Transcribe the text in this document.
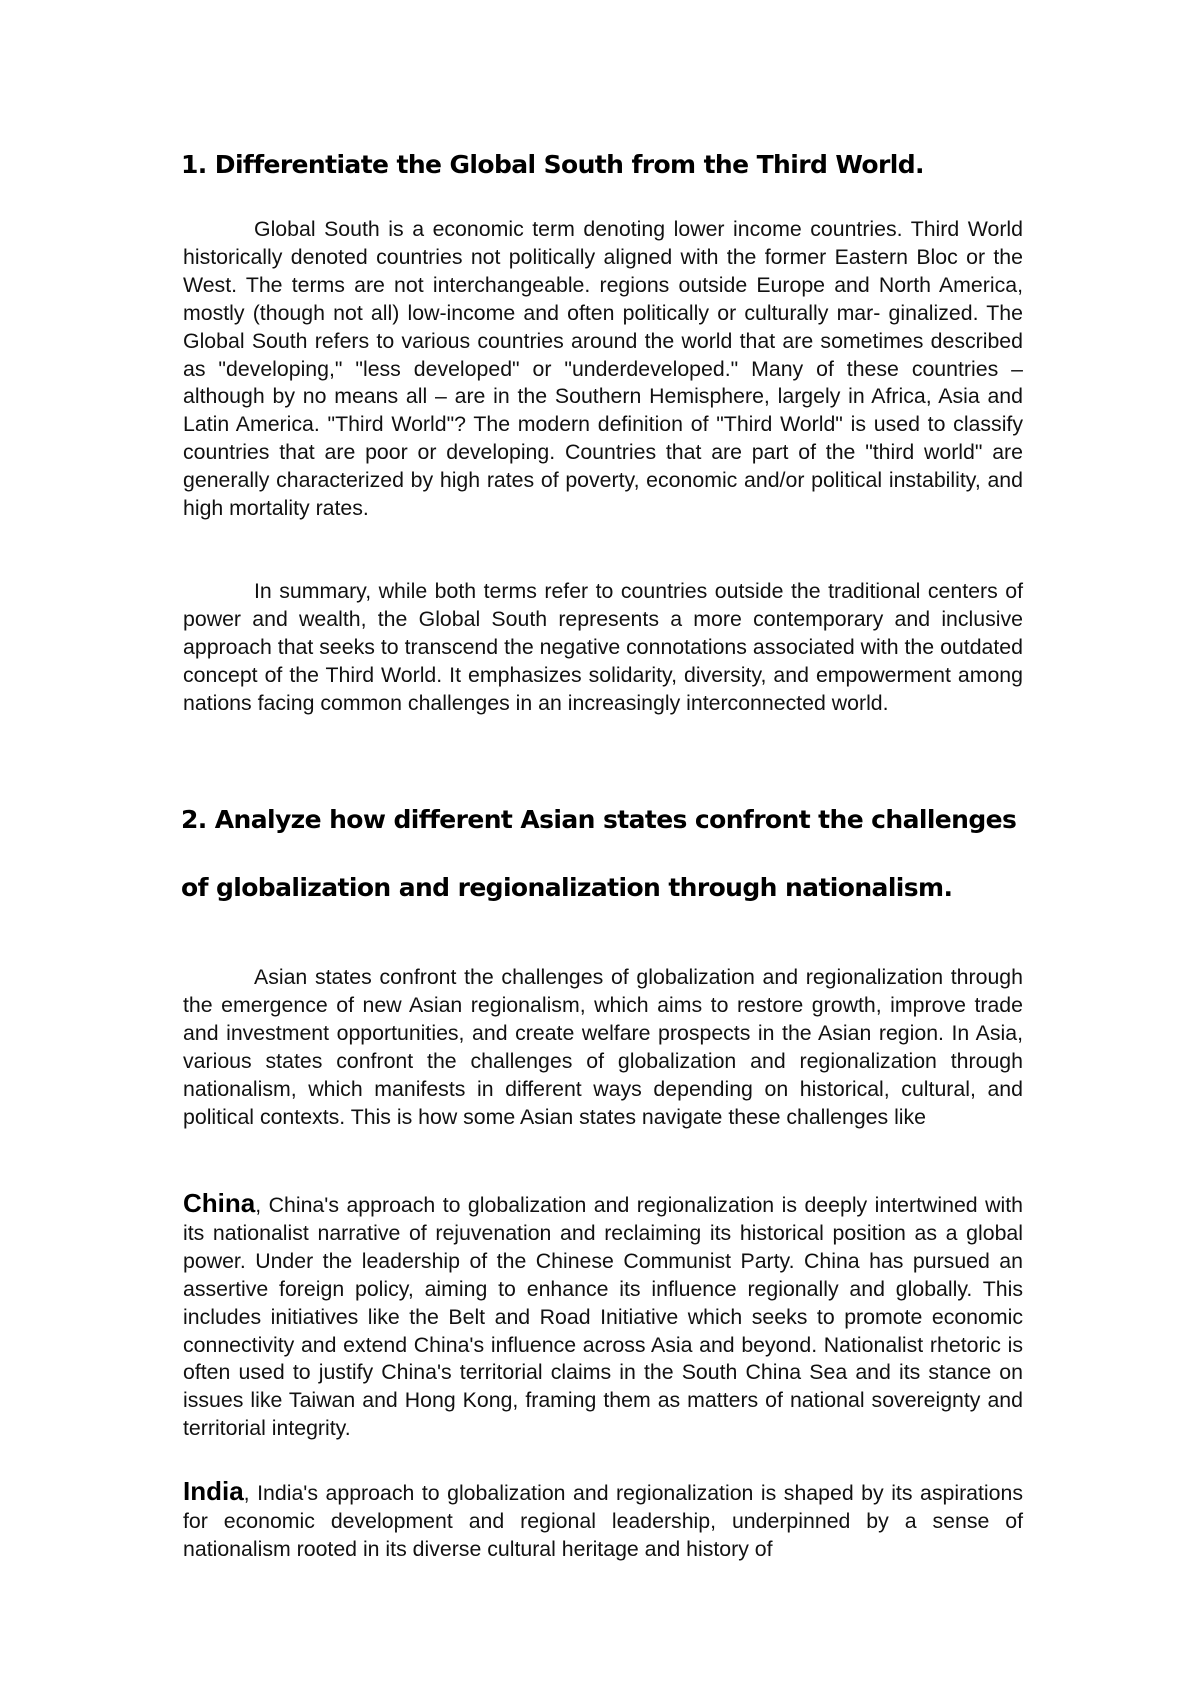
1. Differentiate the Global South from the Third World.

Global South is a economic term denoting lower income countries. Third World historically denoted countries not politically aligned with the former Eastern Bloc or the West. The terms are not interchangeable. regions outside Europe and North America, mostly (though not all) low-income and often politically or culturally mar- ginalized. The Global South refers to various countries around the world that are sometimes described as "developing," "less developed" or "underdeveloped." Many of these countries – although by no means all – are in the Southern Hemisphere, largely in Africa, Asia and Latin America. "Third World"? The modern definition of "Third World" is used to classify countries that are poor or developing. Countries that are part of the "third world" are generally characterized by high rates of poverty, economic and/or political instability, and high mortality rates.

In summary, while both terms refer to countries outside the traditional centers of power and wealth, the Global South represents a more contemporary and inclusive approach that seeks to transcend the negative connotations associated with the outdated concept of the Third World. It emphasizes solidarity, diversity, and empowerment among nations facing common challenges in an increasingly interconnected world.

2. Analyze how different Asian states confront the challenges
of globalization and regionalization through nationalism.

Asian states confront the challenges of globalization and regionalization through the emergence of new Asian regionalism, which aims to restore growth, improve trade and investment opportunities, and create welfare prospects in the Asian region. In Asia, various states confront the challenges of globalization and regionalization through nationalism, which manifests in different ways depending on historical, cultural, and political contexts. This is how some Asian states navigate these challenges like

China, China's approach to globalization and regionalization is deeply intertwined with its nationalist narrative of rejuvenation and reclaiming its historical position as a global power. Under the leadership of the Chinese Communist Party. China has pursued an assertive foreign policy, aiming to enhance its influence regionally and globally. This includes initiatives like the Belt and Road Initiative which seeks to promote economic connectivity and extend China's influence across Asia and beyond. Nationalist rhetoric is often used to justify China's territorial claims in the South China Sea and its stance on issues like Taiwan and Hong Kong, framing them as matters of national sovereignty and territorial integrity.

India, India's approach to globalization and regionalization is shaped by its aspirations for economic development and regional leadership, underpinned by a sense of nationalism rooted in its diverse cultural heritage and history of
